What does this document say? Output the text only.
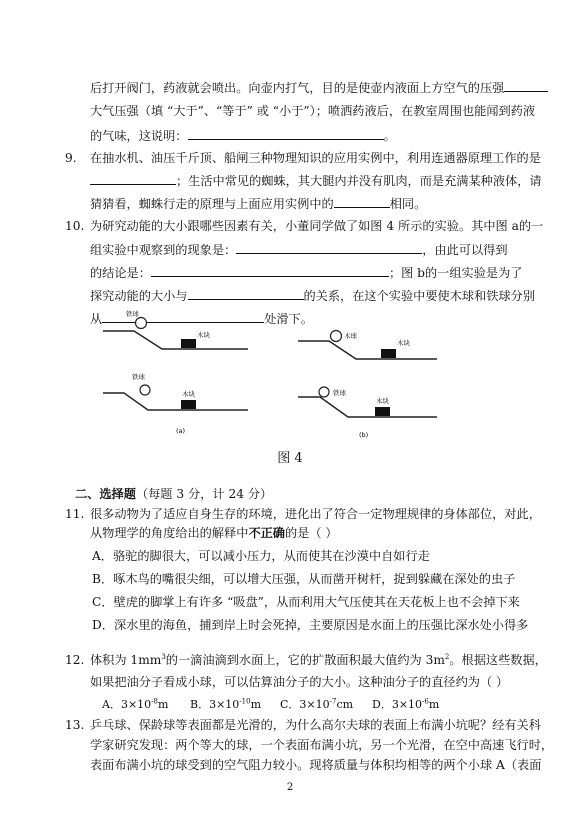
后打开阀门，药液就会喷出。向壶内打气，目的是使壶内液面上方空气的压强
大气压强（填 “大于”、“等于” 或 “小于”）；喷洒药液后，在教室周围也能闻到药液
的气味，这说明：	。
9. 在抽水机、油压千斤顶、船闸三种物理知识的应用实例中，利用连通器原理工作的是
；生活中常见的蜘蛛，其大腿内并没有肌肉，而是充满某种液体，请
猜猜看，蜘蛛行走的原理与上面应用实例中的	相同。
10. 为研究动能的大小跟哪些因素有关，小董同学做了如图 4 所示的实验。其中图 a的一
组实验中观察到的现象是：	，由此可以得到
的结论是：	；图 b的一组实验是为了
探究动能的大小与	的关系，在这个实验中要使木球和铁球分别
从	处滑下。
铁球
木块
铁球
木块
(a)
木球
木块
铁球
木块
(b)
图 4
二、选择题（每题 3 分，计 24 分）
11. 很多动物为了适应自身生存的环境，进化出了符合一定物理规律的身体部位，对此，
从物理学的角度给出的解释中不正确的是（ ）
A．骆驼的脚很大，可以减小压力，从而使其在沙漠中自如行走
B．啄木鸟的嘴很尖细，可以增大压强，从而凿开树杆，捉到躲藏在深处的虫子
C．壁虎的脚掌上有许多 “吸盘”，从而利用大气压使其在天花板上也不会掉下来
D．深水里的海鱼，捕到岸上时会死掉，主要原因是水面上的压强比深水处小得多
12. 体积为 $1mm^3$的一滴油滴到水面上，它的扩散面积最大值约为 $3m^2$。根据这些数据，
如果把油分子看成小球，可以估算油分子的大小。这种油分子的直径约为（ ）
A．$3\times 10^{-8}m$ B．$3\times 10^{-10}m$ C．$3\times 10^{-7}cm$ D．$3\times 10^{-6}m$
13. 乒乓球、保龄球等表面都是光滑的，为什么高尔夫球的表面上布满小坑呢？经有关科
学家研究发现：两个等大的球，一个表面布满小坑，另一个光滑，在空中高速飞行时，
表面布满小坑的球受到的空气阻力较小。现将质量与体积均相等的两个小球 A（表面
2
